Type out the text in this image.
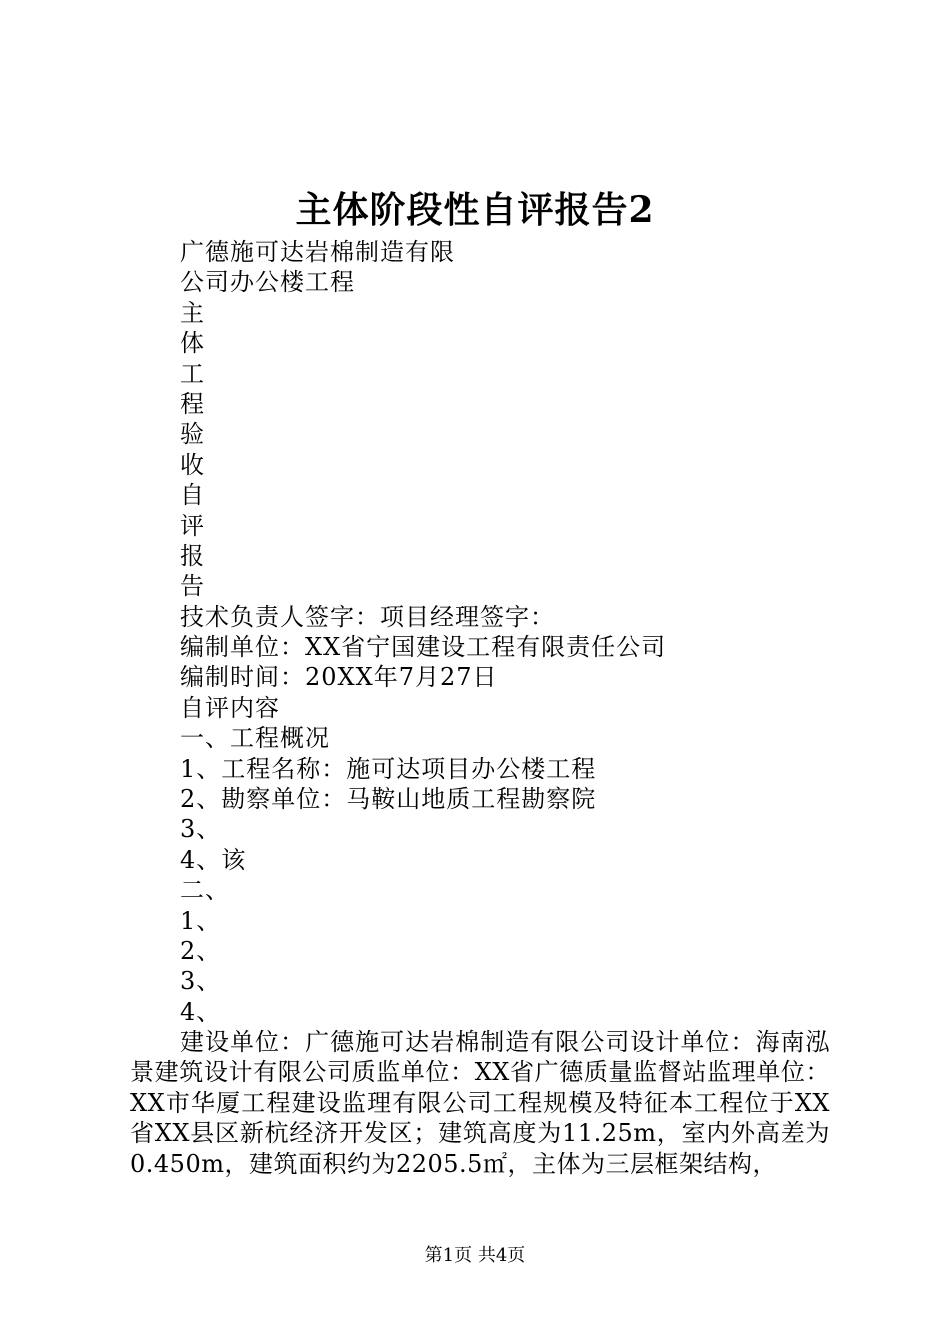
主体阶段性自评报告2
广德施可达岩棉制造有限
公司办公楼工程
主
体
工
程
验
收
自
评
报
告
技术负责人签字：项目经理签字：
编制单位：XX省宁国建设工程有限责任公司
编制时间：20XX年7月27日
自评内容
一、工程概况
1、工程名称：施可达项目办公楼工程
2、勘察单位：马鞍山地质工程勘察院
3、
4、该
二、
1、
2、
3、
4、
建设单位：广德施可达岩棉制造有限公司设计单位：海南泓景建筑设计有限公司质监单位：XX省广德质量监督站监理单位：XX市华厦工程建设监理有限公司工程规模及特征本工程位于XX省XX县区新杭经济开发区；建筑高度为11.25m，室内外高差为0.450m，建筑面积约为2205.5㎡，主体为三层框架结构，
第1页 共4页
